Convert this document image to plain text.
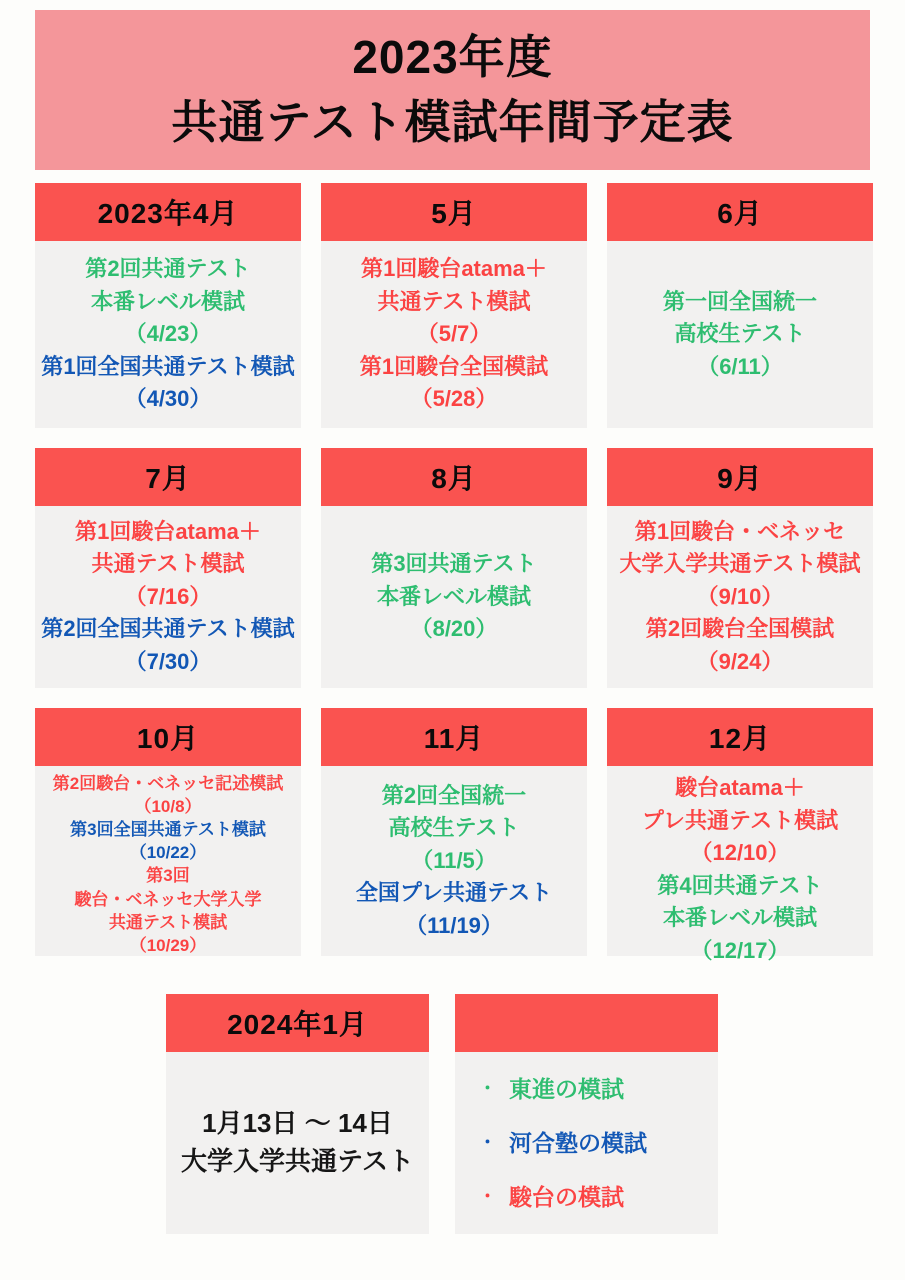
2023年度
共通テスト模試年間予定表
2023年4月
第2回共通テスト
本番レベル模試
（4/23）
第1回全国共通テスト模試
（4/30）
5月
第1回駿台atama＋
共通テスト模試
（5/7）
第1回駿台全国模試
（5/28）
6月
第一回全国統一
高校生テスト
（6/11）
7月
第1回駿台atama＋
共通テスト模試
（7/16）
第2回全国共通テスト模試
（7/30）
8月
第3回共通テスト
本番レベル模試
（8/20）
9月
第1回駿台・ベネッセ
大学入学共通テスト模試
（9/10）
第2回駿台全国模試
（9/24）
10月
第2回駿台・ベネッセ記述模試
（10/8）
第3回全国共通テスト模試
（10/22）
第3回
駿台・ベネッセ大学入学
共通テスト模試
（10/29）
11月
第2回全国統一
高校生テスト
（11/5）
全国プレ共通テスト
（11/19）
12月
駿台atama＋
プレ共通テスト模試
（12/10）
第4回共通テスト
本番レベル模試
（12/17）
2024年1月
1月13日 ～ 14日
大学入学共通テスト
・ 東進の模試
・ 河合塾の模試
・ 駿台の模試
